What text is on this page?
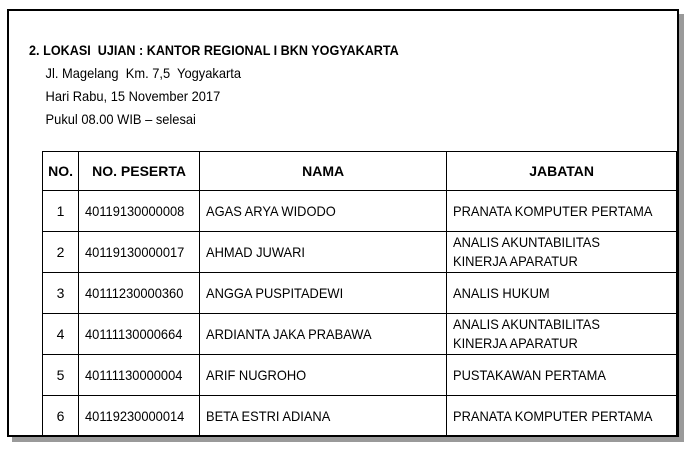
2. LOKASI  UJIAN : KANTOR REGIONAL I BKN YOGYAKARTA
Jl. Magelang  Km. 7,5  Yogyakarta
Hari Rabu, 15 November 2017
Pukul 08.00 WIB – selesai
NO.	NO. PESERTA	NAMA	JABATAN
1	40119130000008	AGAS ARYA WIDODO	PRANATA KOMPUTER PERTAMA

2	40119130000017	AHMAD JUWARI	ANALIS AKUNTABILITAS
KINERJA APARATUR

3	40111230000360	ANGGA PUSPITADEWI	ANALIS HUKUM

4	40111130000664	ARDIANTA JAKA PRABAWA	ANALIS AKUNTABILITAS
KINERJA APARATUR

5	40111130000004	ARIF NUGROHO	PUSTAKAWAN PERTAMA

6	40119230000014	BETA ESTRI ADIANA	PRANATA KOMPUTER PERTAMA
